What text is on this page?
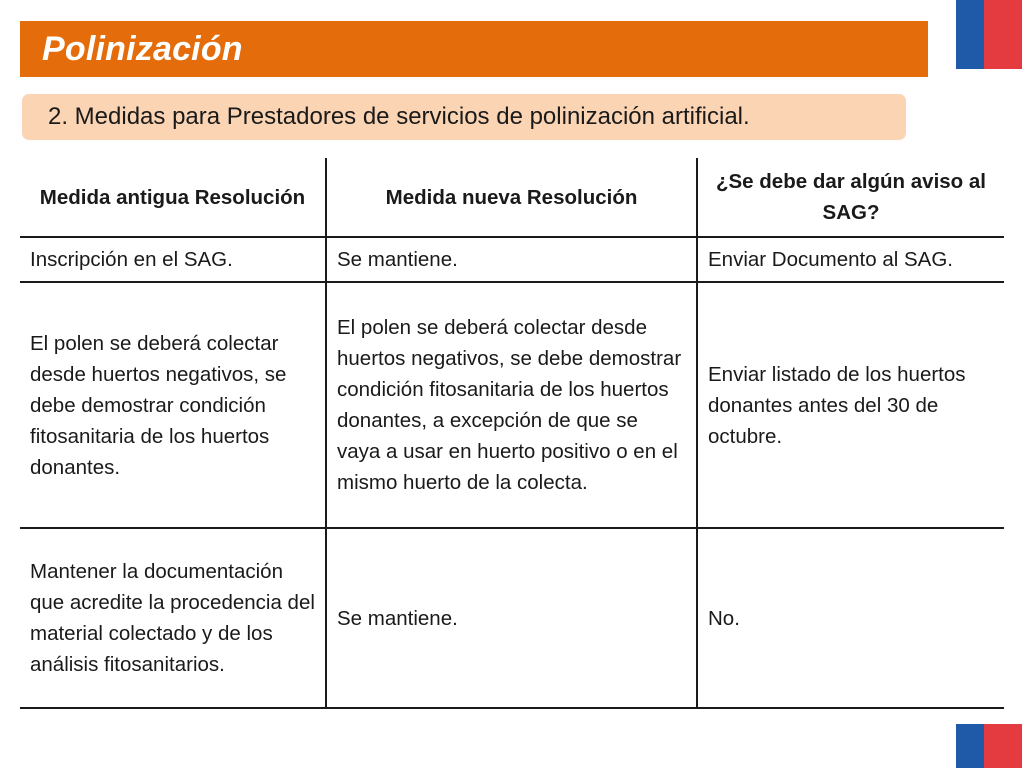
Polinización
2. Medidas para Prestadores de servicios de polinización artificial.
Medida antigua Resolución	Medida nueva Resolución	¿Se debe dar algún aviso al SAG?
Inscripción en el SAG.	Se mantiene.	Enviar Documento al SAG.
El polen se deberá colectar desde huertos negativos, se debe demostrar condición fitosanitaria de los huertos donantes.	El polen se deberá colectar desde huertos negativos, se debe demostrar condición fitosanitaria de los huertos donantes, a excepción de que se vaya a usar en huerto positivo o en el mismo huerto de la colecta.	Enviar listado de los huertos donantes antes del 30 de octubre.
Mantener la documentación que acredite la procedencia del material colectado y de los análisis fitosanitarios.	Se mantiene.	No.
